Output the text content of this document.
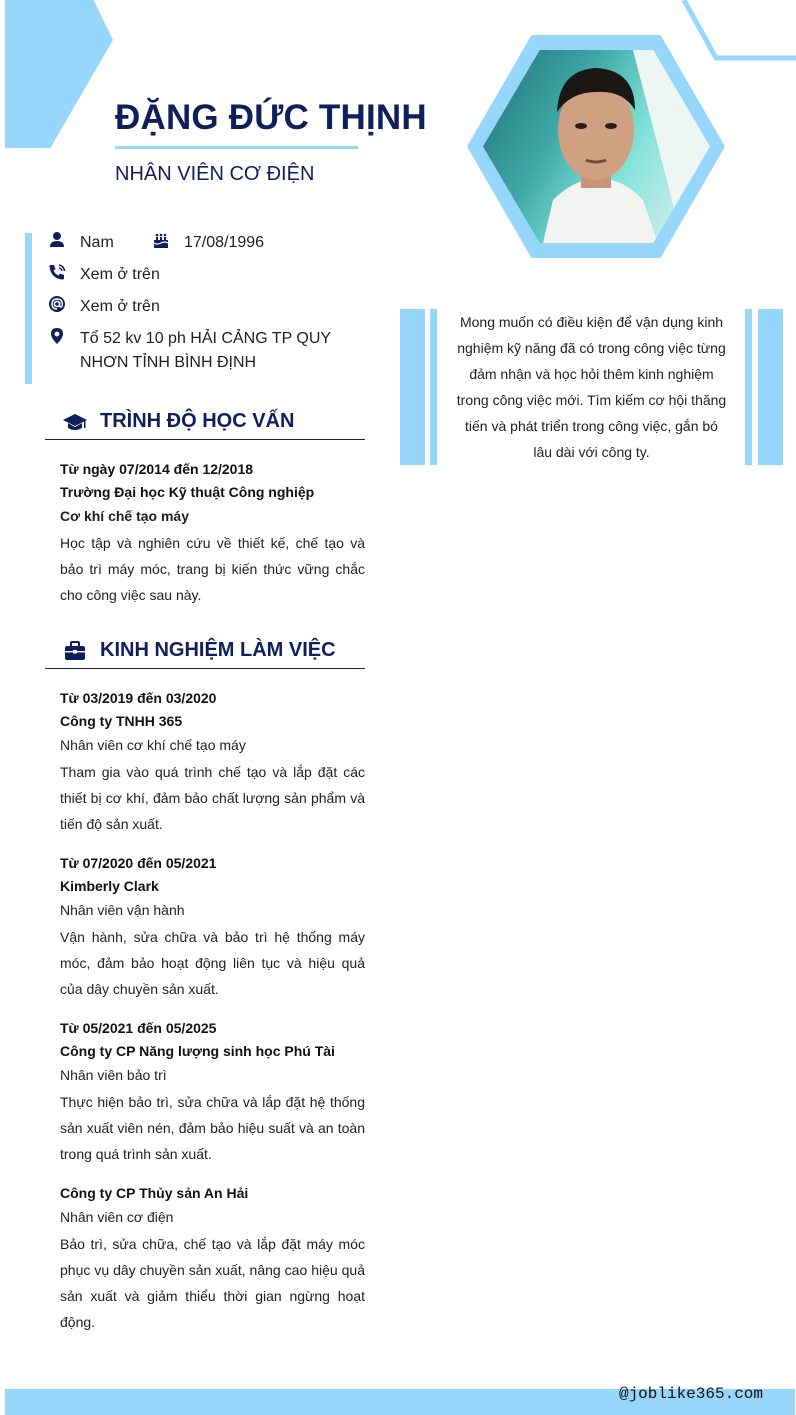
ĐẶNG ĐỨC THỊNH
NHÂN VIÊN CƠ ĐIỆN
Nam	17/08/1996
Xem ở trên
Xem ở trên
Tổ 52 kv 10 ph HẢI CẢNG TP QUY NHƠN TỈNH BÌNH ĐỊNH
Mong muốn có điều kiện để vận dụng kinh nghiệm kỹ năng đã có trong công việc từng đảm nhận và học hỏi thêm kinh nghiệm trong công việc mới. Tìm kiếm cơ hội thăng tiến và phát triển trong công việc, gắn bó lâu dài với công ty.
TRÌNH ĐỘ HỌC VẤN
Từ ngày 07/2014 đến 12/2018
Trường Đại học Kỹ thuật Công nghiệp
Cơ khí chế tạo máy
Học tập và nghiên cứu về thiết kế, chế tạo và bảo trì máy móc, trang bị kiến thức vững chắc cho công việc sau này.
KINH NGHIỆM LÀM VIỆC
Từ 03/2019 đến 03/2020
Công ty TNHH 365
Nhân viên cơ khí chế tạo máy
Tham gia vào quá trình chế tạo và lắp đặt các thiết bị cơ khí, đảm bảo chất lượng sản phẩm và tiến độ sản xuất.
Từ 07/2020 đến 05/2021
Kimberly Clark
Nhân viên vận hành
Vận hành, sửa chữa và bảo trì hệ thống máy móc, đảm bảo hoạt động liên tục và hiệu quả của dây chuyền sản xuất.
Từ 05/2021 đến 05/2025
Công ty CP Năng lượng sinh học Phú Tài
Nhân viên bảo trì
Thực hiện bảo trì, sửa chữa và lắp đặt hệ thống sản xuất viên nén, đảm bảo hiệu suất và an toàn trong quá trình sản xuất.
Công ty CP Thủy sản An Hải
Nhân viên cơ điện
Bảo trì, sửa chữa, chế tạo và lắp đặt máy móc phục vụ dây chuyền sản xuất, nâng cao hiệu quả sản xuất và giảm thiểu thời gian ngừng hoạt động.
@joblike365.com
